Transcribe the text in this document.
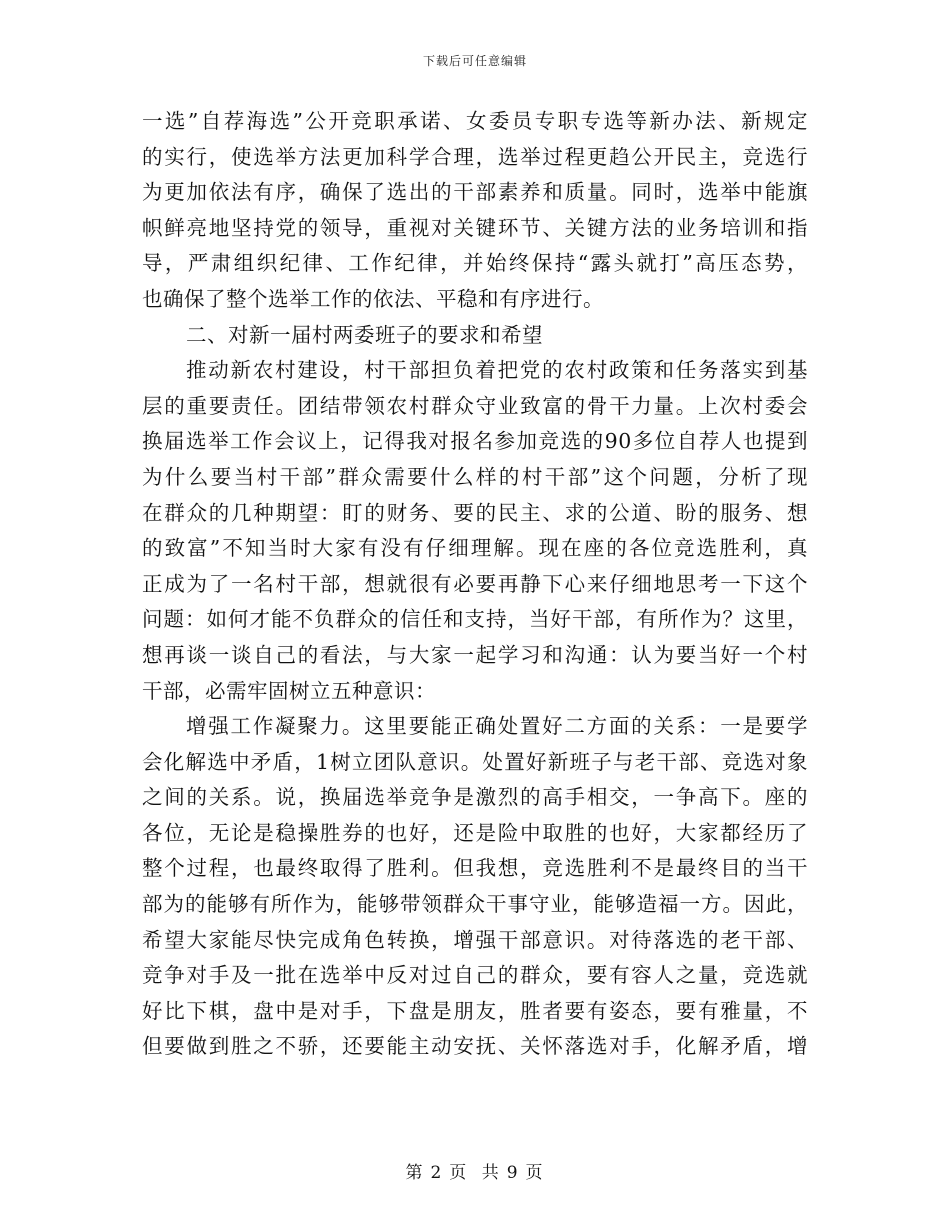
下载后可任意编辑
一选”自荐海选”公开竞职承诺、女委员专职专选等新办法、新规定
的实行，使选举方法更加科学合理，选举过程更趋公开民主，竞选行
为更加依法有序，确保了选出的干部素养和质量。同时，选举中能旗
帜鲜亮地坚持党的领导，重视对关键环节、关键方法的业务培训和指
导，严肃组织纪律、工作纪律，并始终保持“露头就打”高压态势，
也确保了整个选举工作的依法、平稳和有序进行。
二、对新一届村两委班子的要求和希望
推动新农村建设，村干部担负着把党的农村政策和任务落实到基
层的重要责任。团结带领农村群众守业致富的骨干力量。上次村委会
换届选举工作会议上，记得我对报名参加竞选的90多位自荐人也提到
为什么要当村干部”群众需要什么样的村干部”这个问题，分析了现
在群众的几种期望：盯的财务、要的民主、求的公道、盼的服务、想
的致富”不知当时大家有没有仔细理解。现在座的各位竞选胜利，真
正成为了一名村干部，想就很有必要再静下心来仔细地思考一下这个
问题：如何才能不负群众的信任和支持，当好干部，有所作为？这里，
想再谈一谈自己的看法，与大家一起学习和沟通：认为要当好一个村
干部，必需牢固树立五种意识：
增强工作凝聚力。这里要能正确处置好二方面的关系：一是要学
会化解选中矛盾，1树立团队意识。处置好新班子与老干部、竞选对象
之间的关系。说，换届选举竞争是激烈的高手相交，一争高下。座的
各位，无论是稳操胜券的也好，还是险中取胜的也好，大家都经历了
整个过程，也最终取得了胜利。但我想，竞选胜利不是最终目的当干
部为的能够有所作为，能够带领群众干事守业，能够造福一方。因此，
希望大家能尽快完成角色转换，增强干部意识。对待落选的老干部、
竞争对手及一批在选举中反对过自己的群众，要有容人之量，竞选就
好比下棋，盘中是对手，下盘是朋友，胜者要有姿态，要有雅量，不
但要做到胜之不骄，还要能主动安抚、关怀落选对手，化解矛盾，增
第 2 页 共 9 页
